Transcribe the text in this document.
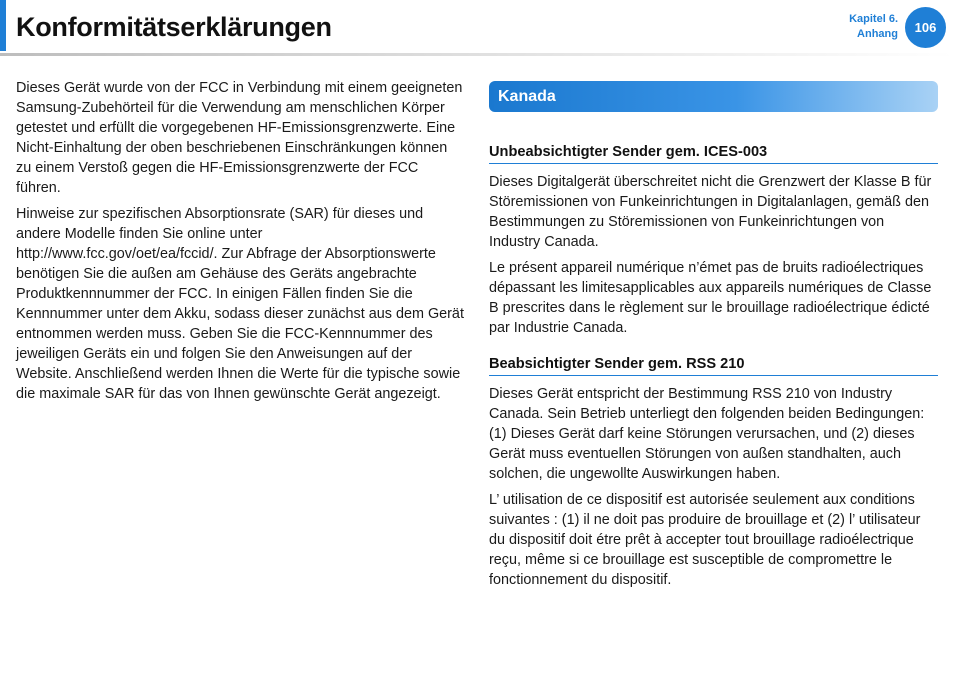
Konformitätserklärungen	Kapitel 6.
Anhang	106

Dieses Gerät wurde von der FCC in Verbindung mit einem geeigneten Samsung-Zubehörteil für die Verwendung am menschlichen Körper getestet und erfüllt die vorgegebenen HF-Emissionsgrenzwerte. Eine Nicht-Einhaltung der oben beschriebenen Einschränkungen können zu einem Verstoß gegen die HF-Emissionsgrenzwerte der FCC führen.

Hinweise zur spezifischen Absorptionsrate (SAR) für dieses und andere Modelle finden Sie online unter http://www.fcc.gov/oet/ea/fccid/. Zur Abfrage der Absorptionswerte benötigen Sie die außen am Gehäuse des Geräts angebrachte Produktkennnummer der FCC. In einigen Fällen finden Sie die Kennnummer unter dem Akku, sodass dieser zunächst aus dem Gerät entnommen werden muss. Geben Sie die FCC-Kennnummer des jeweiligen Geräts ein und folgen Sie den Anweisungen auf der Website. Anschließend werden Ihnen die Werte für die typische sowie die maximale SAR für das von Ihnen gewünschte Gerät angezeigt.

Kanada
Unbeabsichtigter Sender gem. ICES-003

Dieses Digitalgerät überschreitet nicht die Grenzwert der Klasse B für Störemissionen von Funkeinrichtungen in Digitalanlagen, gemäß den Bestimmungen zu Störemissionen von Funkeinrichtungen von Industry Canada.

Le présent appareil numérique n’émet pas de bruits radioélectriques dépassant les limitesapplicables aux appareils numériques de Classe B prescrites dans le règlement sur le brouillage radioélectrique édicté par Industrie Canada.

Beabsichtigter Sender gem. RSS 210

Dieses Gerät entspricht der Bestimmung RSS 210 von Industry Canada. Sein Betrieb unterliegt den folgenden beiden Bedingungen: (1) Dieses Gerät darf keine Störungen verursachen, und (2) dieses Gerät muss eventuellen Störungen von außen standhalten, auch solchen, die ungewollte Auswirkungen haben.

L’ utilisation de ce dispositif est autorisée seulement aux conditions suivantes : (1) il ne doit pas produire de brouillage et (2) l’ utilisateur du dispositif doit étre prêt à accepter tout brouillage radioélectrique reçu, même si ce brouillage est susceptible de compromettre le fonctionnement du dispositif.
